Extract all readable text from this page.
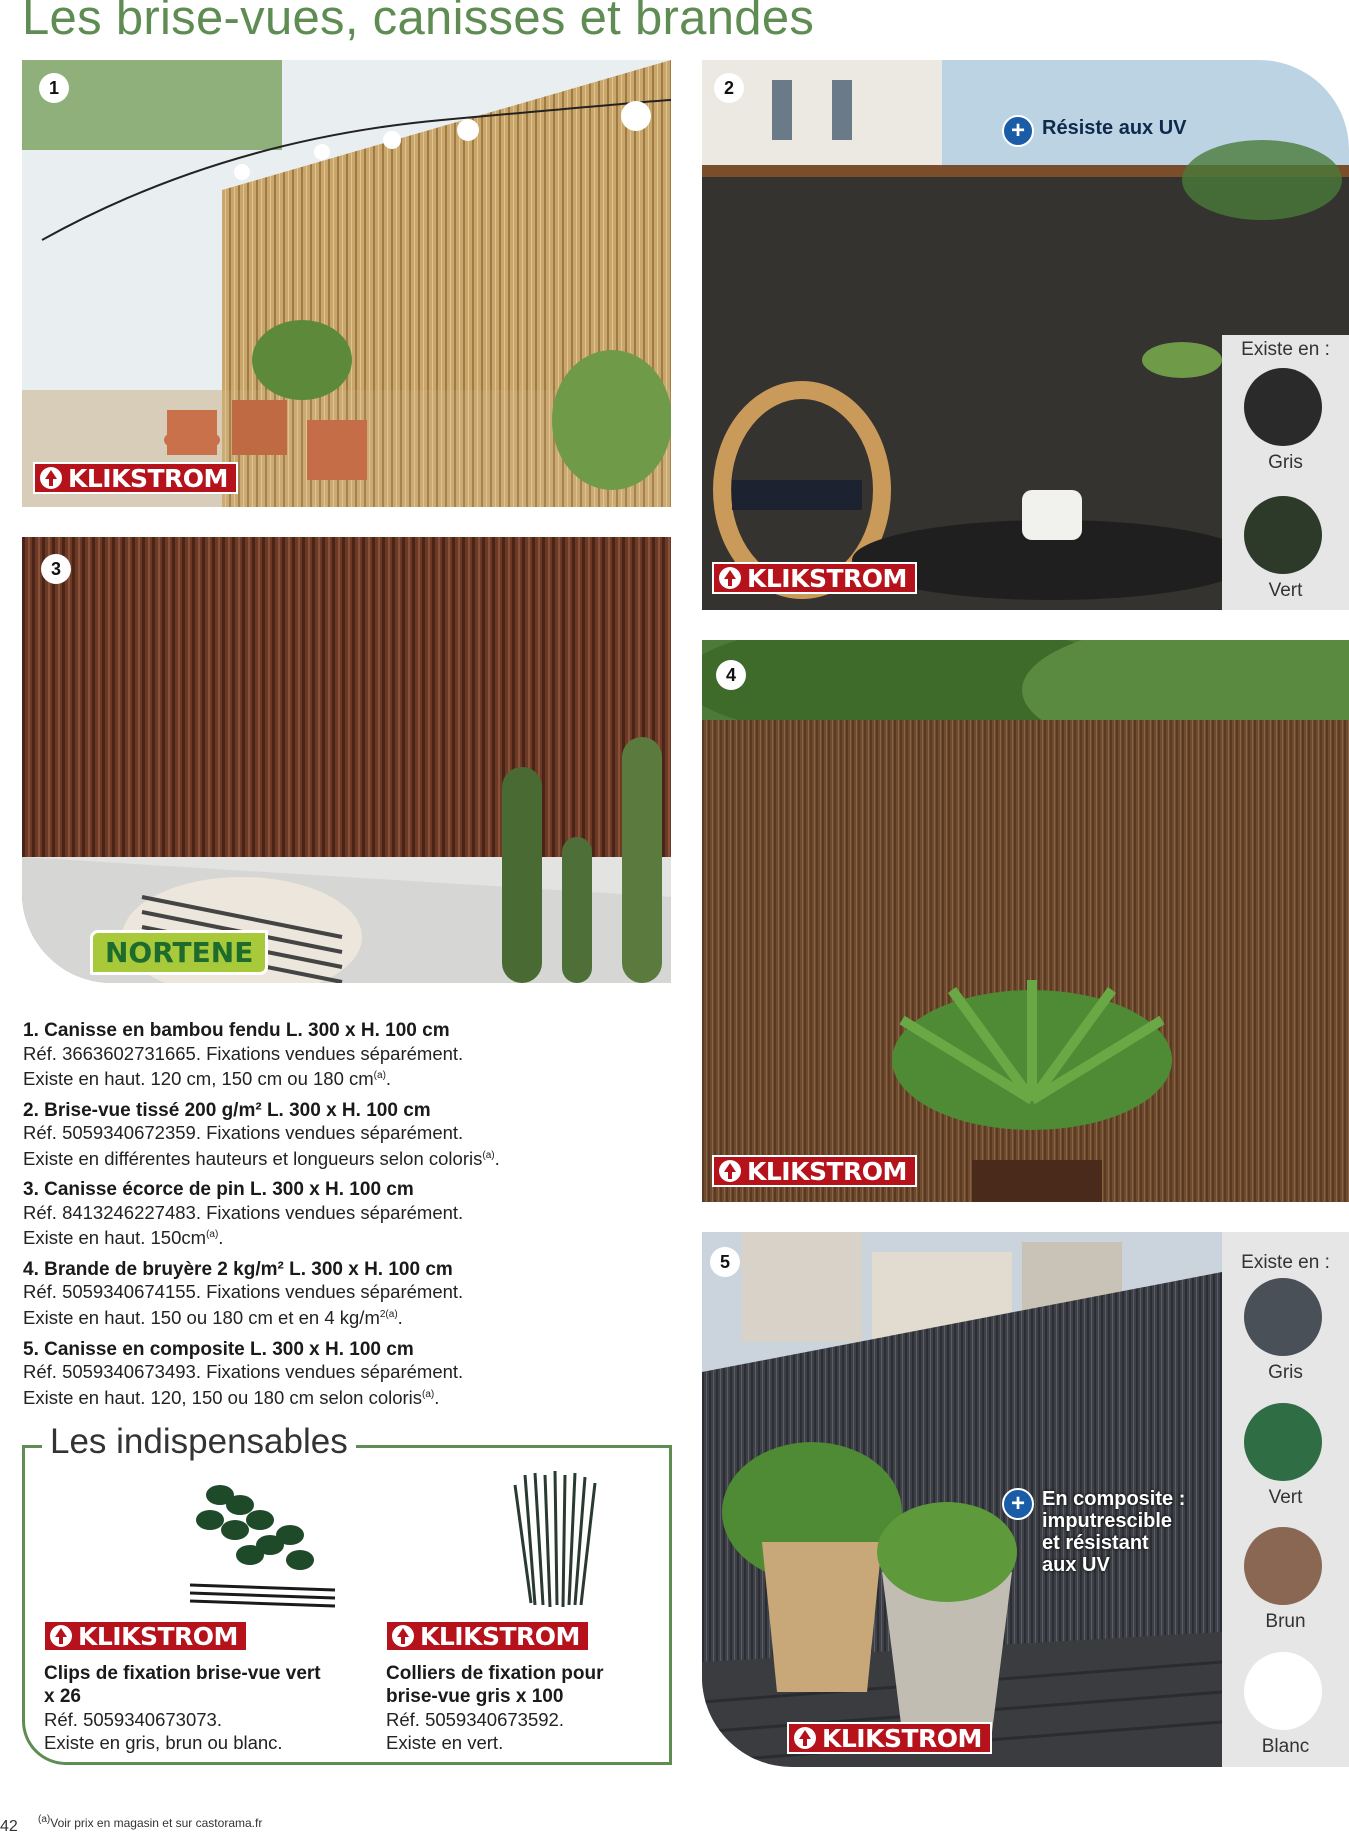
Les brise-vues, canisses et brandes
1
KLIKSTROM
2
+ Résiste aux UV
KLIKSTROM
Existe en :
Gris
Vert
3
NORTENE
4
KLIKSTROM
5
KLIKSTROM
Existe en :
Gris
Vert
Brun
Blanc
+ En composite :
imputrescible
et résistant
aux UV
1. Canisse en bambou fendu L. 300 x H. 100 cm
Réf. 3663602731665. Fixations vendues séparément.
Existe en haut. 120 cm, 150 cm ou 180 $cm^{(a)}$.
2. Brise-vue tissé 200 g/m² L. 300 x H. 100 cm
Réf. 5059340672359. Fixations vendues séparément.
Existe en différentes hauteurs et longueurs selon coloris$^{(a)}$.
3. Canisse écorce de pin L. 300 x H. 100 cm
Réf. 8413246227483. Fixations vendues séparément.
Existe en haut. $150cm^{(a)}$.
4. Brande de bruyère 2 kg/m² L. 300 x H. 100 cm
Réf. 5059340674155. Fixations vendues séparément.
Existe en haut. 150 ou 180 cm et en 4 $kg/m^{2(a)}$.
5. Canisse en composite L. 300 x H. 100 cm
Réf. 5059340673493. Fixations vendues séparément.
Existe en haut. 120, 150 ou 180 cm selon coloris$^{(a)}$.
Les indispensables
KLIKSTROM
Clips de fixation brise-vue vert
x 26
Réf. 5059340673073.
Existe en gris, brun ou blanc.
KLIKSTROM
Colliers de fixation pour
brise-vue gris x 100
Réf. 5059340673592.
Existe en vert.
42 $^{(a)}$Voir prix en magasin et sur castorama.fr
